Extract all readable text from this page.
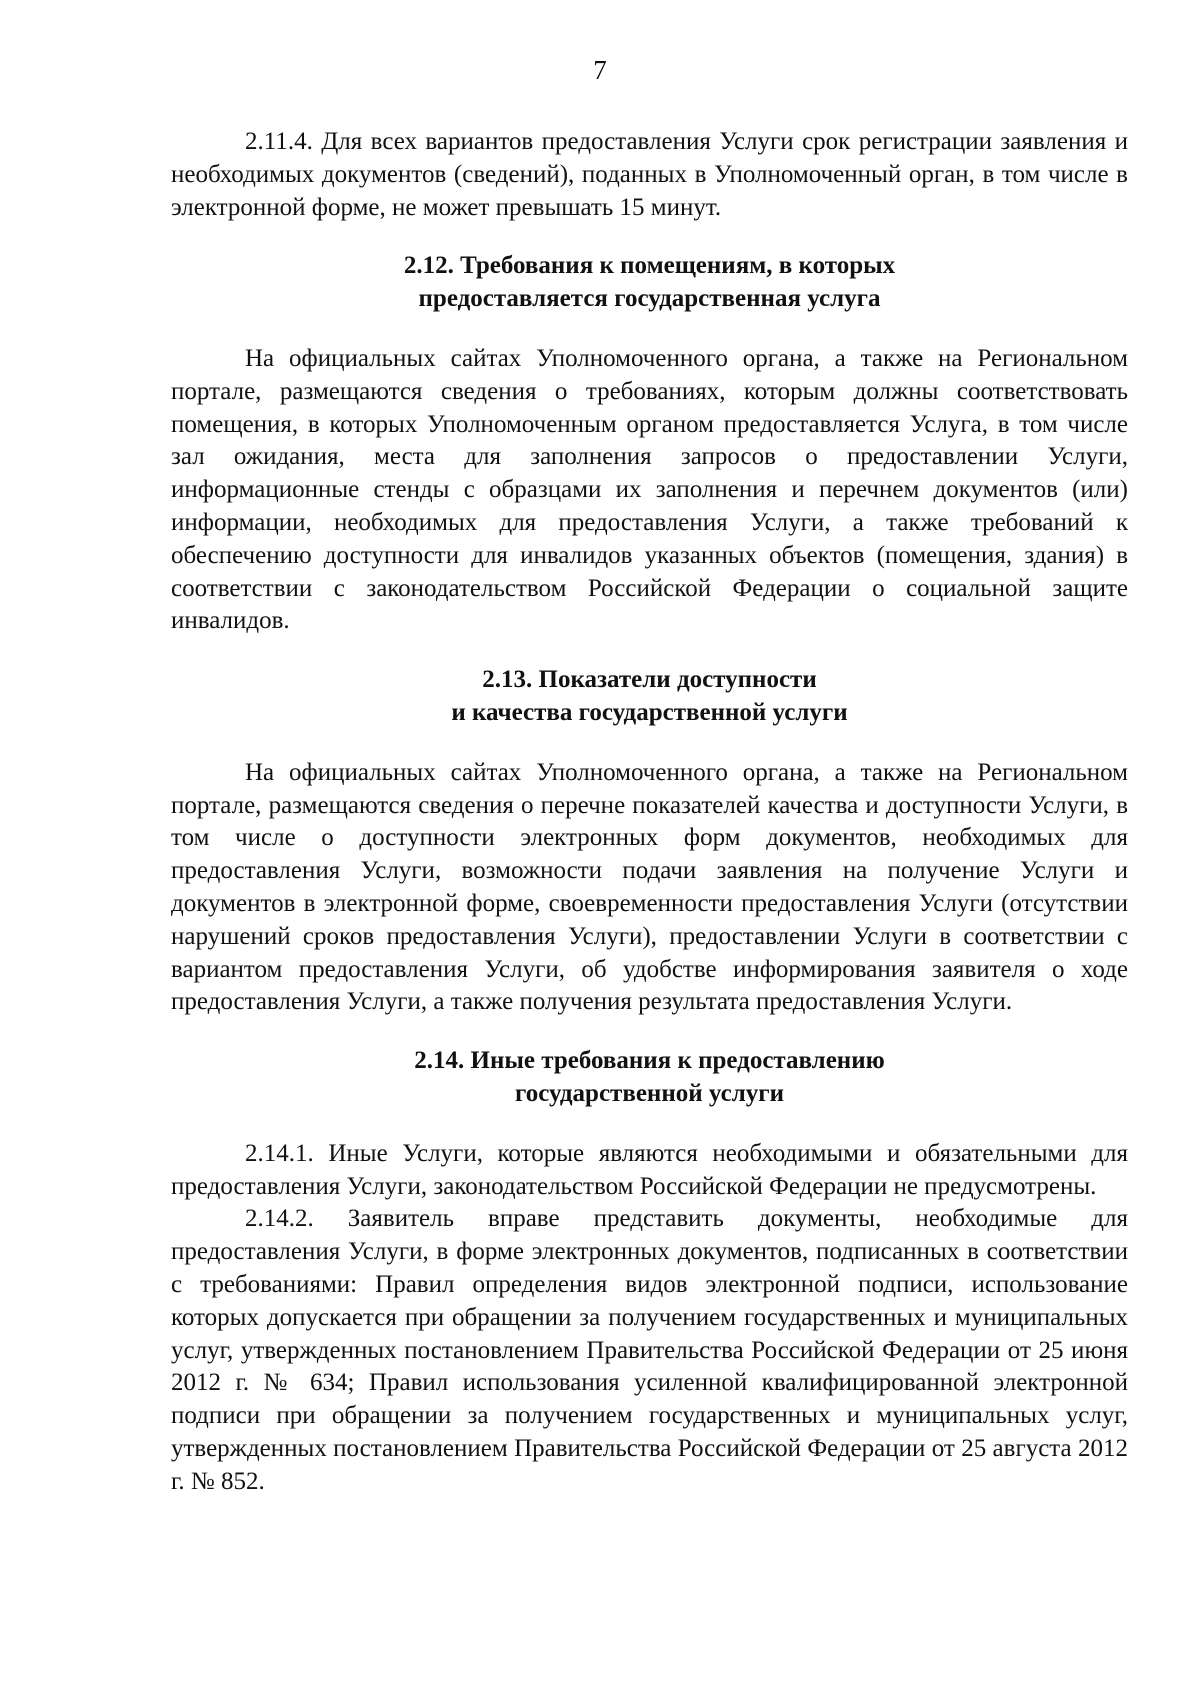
7

2.11.4. Для всех вариантов предоставления Услуги срок регистрации заявления и необходимых документов (сведений), поданных в Уполномоченный орган, в том числе в электронной форме, не может превышать 15 минут.

2.12. Требования к помещениям, в которых
предоставляется государственная услуга

На официальных сайтах Уполномоченного органа, а также на Региональном портале, размещаются сведения о требованиях, которым должны соответствовать помещения, в которых Уполномоченным органом предоставляется Услуга, в том числе зал ожидания, места для заполнения запросов о предоставлении Услуги, информационные стенды с образцами их заполнения и перечнем документов (или) информации, необходимых для предоставления Услуги, а также требований к обеспечению доступности для инвалидов указанных объектов (помещения, здания) в соответствии с законодательством Российской Федерации о социальной защите инвалидов.

2.13. Показатели доступности
и качества государственной услуги

На официальных сайтах Уполномоченного органа, а также на Региональном портале, размещаются сведения о перечне показателей качества и доступности Услуги, в том числе о доступности электронных форм документов, необходимых для предоставления Услуги, возможности подачи заявления на получение Услуги и документов в электронной форме, своевременности предоставления Услуги (отсутствии нарушений сроков предоставления Услуги), предоставлении Услуги в соответствии с вариантом предоставления Услуги, об удобстве информирования заявителя о ходе предоставления Услуги, а также получения результата предоставления Услуги.

2.14. Иные требования к предоставлению
государственной услуги

2.14.1. Иные Услуги, которые являются необходимыми и обязательными для предоставления Услуги, законодательством Российской Федерации не предусмотрены.

2.14.2. Заявитель вправе представить документы, необходимые для предоставления Услуги, в форме электронных документов, подписанных в соответствии с требованиями: Правил определения видов электронной подписи, использование которых допускается при обращении за получением государственных и муниципальных услуг, утвержденных постановлением Правительства Российской Федерации от 25 июня 2012 г. № 634; Правил использования усиленной квалифицированной электронной подписи при обращении за получением государственных и муниципальных услуг, утвержденных постановлением Правительства Российской Федерации от 25 августа 2012 г. № 852.
